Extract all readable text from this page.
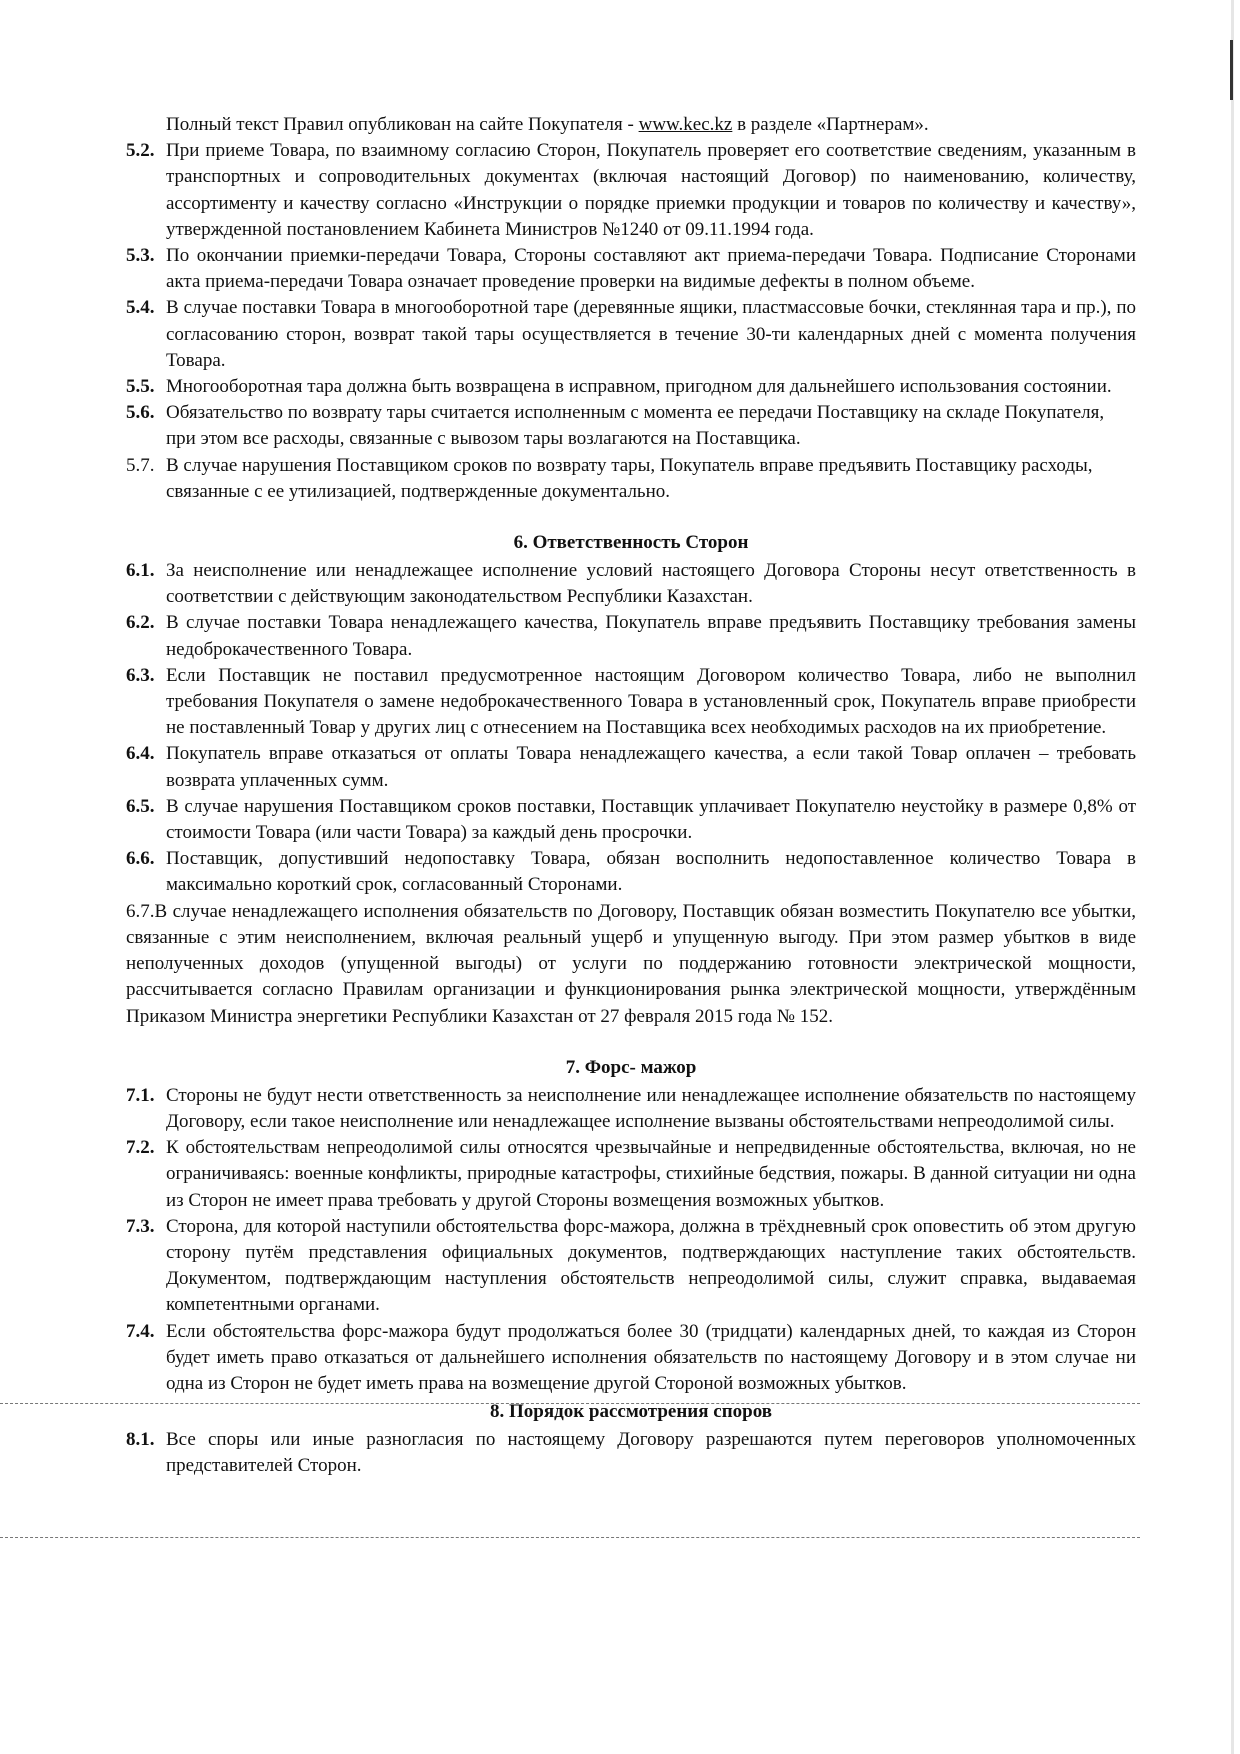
Полный текст Правил опубликован на сайте Покупателя - www.kec.kz в разделе «Партнерам».

5.2. При приеме Товара, по взаимному согласию Сторон, Покупатель проверяет его соответствие сведениям, указанным в транспортных и сопроводительных документах (включая настоящий Договор) по наименованию, количеству, ассортименту и качеству согласно «Инструкции о порядке приемки продукции и товаров по количеству и качеству», утвержденной постановлением Кабинета Министров №1240 от 09.11.1994 года.
5.3. По окончании приемки-передачи Товара, Стороны составляют акт приема-передачи Товара. Подписание Сторонами акта приема-передачи Товара означает проведение проверки на видимые дефекты в полном объеме.
5.4. В случае поставки Товара в многооборотной таре (деревянные ящики, пластмассовые бочки, стеклянная тара и пр.), по согласованию сторон, возврат такой тары осуществляется в течение 30-ти календарных дней с момента получения Товара.
5.5. Многооборотная тара должна быть возвращена в исправном, пригодном для дальнейшего использования состоянии.
5.6. Обязательство по возврату тары считается исполненным с момента ее передачи Поставщику на складе Покупателя, при этом все расходы, связанные с вывозом тары возлагаются на Поставщика.
5.7. В случае нарушения Поставщиком сроков по возврату тары, Покупатель вправе предъявить Поставщику расходы, связанные с ее утилизацией, подтвержденные документально.
6. Ответственность Сторон
6.1. За неисполнение или ненадлежащее исполнение условий настоящего Договора Стороны несут ответственность в соответствии с действующим законодательством Республики Казахстан.
6.2. В случае поставки Товара ненадлежащего качества, Покупатель вправе предъявить Поставщику требования замены недоброкачественного Товара.
6.3. Если Поставщик не поставил предусмотренное настоящим Договором количество Товара, либо не выполнил требования Покупателя о замене недоброкачественного Товара в установленный срок, Покупатель вправе приобрести не поставленный Товар у других лиц с отнесением на Поставщика всех необходимых расходов на их приобретение.
6.4. Покупатель вправе отказаться от оплаты Товара ненадлежащего качества, а если такой Товар оплачен – требовать возврата уплаченных сумм.
6.5. В случае нарушения Поставщиком сроков поставки, Поставщик уплачивает Покупателю неустойку в размере 0,8% от стоимости Товара (или части Товара) за каждый день просрочки.
6.6. Поставщик, допустивший недопоставку Товара, обязан восполнить недопоставленное количество Товара в максимально короткий срок, согласованный Сторонами.

6.7.В случае ненадлежащего исполнения обязательств по Договору, Поставщик обязан возместить Покупателю все убытки, связанные с этим неисполнением, включая реальный ущерб и упущенную выгоду. При этом размер убытков в виде неполученных доходов (упущенной выгоды) от услуги по поддержанию готовности электрической мощности, рассчитывается согласно Правилам организации и функционирования рынка электрической мощности, утверждённым Приказом Министра энергетики Республики Казахстан от 27 февраля 2015 года № 152.

7. Форс- мажор
7.1. Стороны не будут нести ответственность за неисполнение или ненадлежащее исполнение обязательств по настоящему Договору, если такое неисполнение или ненадлежащее исполнение вызваны обстоятельствами непреодолимой силы.
7.2. К обстоятельствам непреодолимой силы относятся чрезвычайные и непредвиденные обстоятельства, включая, но не ограничиваясь: военные конфликты, природные катастрофы, стихийные бедствия, пожары. В данной ситуации ни одна из Сторон не имеет права требовать у другой Стороны возмещения возможных убытков.
7.3. Сторона, для которой наступили обстоятельства форс-мажора, должна в трёхдневный срок оповестить об этом другую сторону путём представления официальных документов, подтверждающих наступление таких обстоятельств. Документом, подтверждающим наступления обстоятельств непреодолимой силы, служит справка, выдаваемая компетентными органами.
7.4. Если обстоятельства форс-мажора будут продолжаться более 30 (тридцати) календарных дней, то каждая из Сторон будет иметь право отказаться от дальнейшего исполнения обязательств по настоящему Договору и в этом случае ни одна из Сторон не будет иметь права на возмещение другой Стороной возможных убытков.
8. Порядок рассмотрения споров
8.1. Все споры или иные разногласия по настоящему Договору разрешаются путем переговоров уполномоченных представителей Сторон.
